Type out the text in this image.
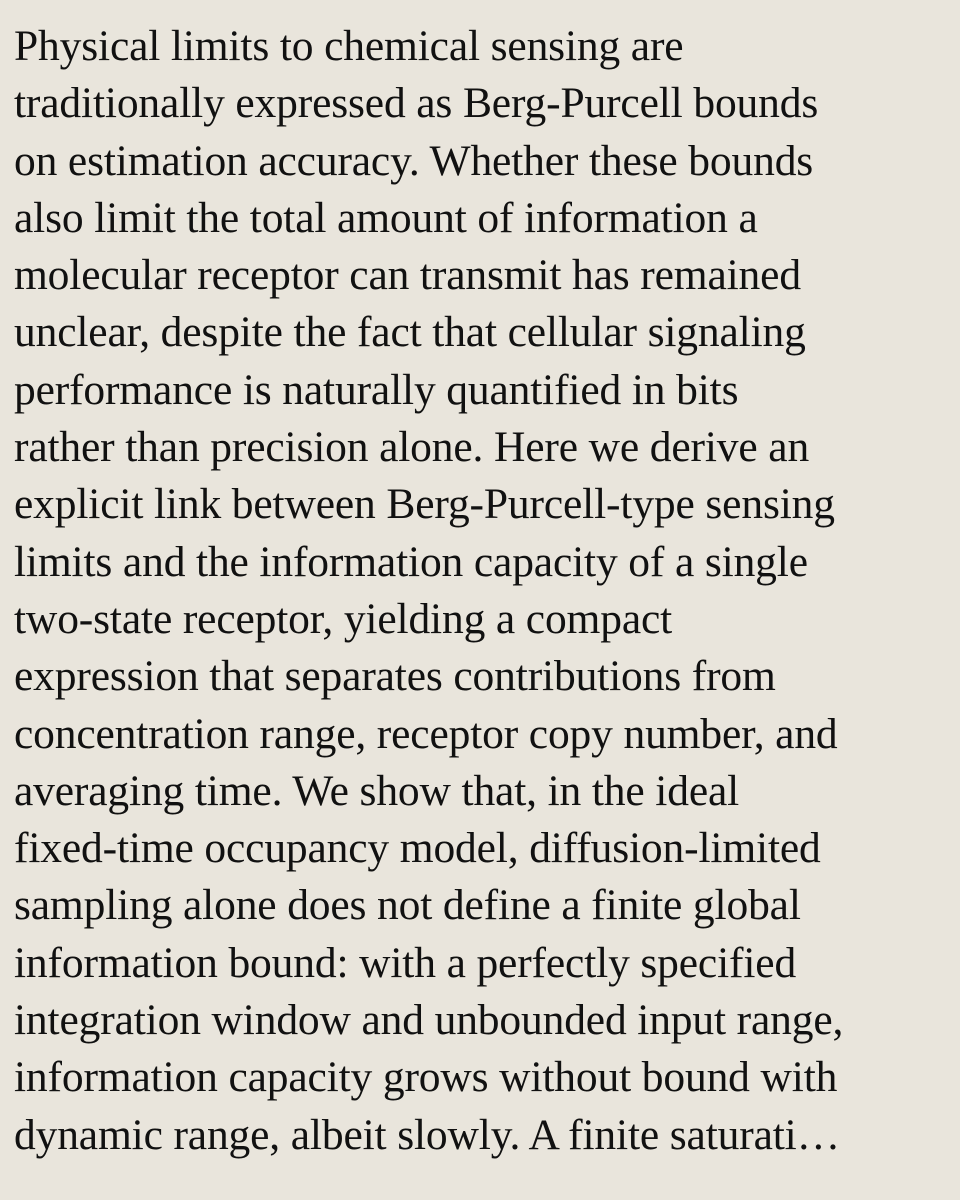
Physical limits to chemical sensing are
traditionally expressed as Berg-Purcell bounds
on estimation accuracy. Whether these bounds
also limit the total amount of information a
molecular receptor can transmit has remained
unclear, despite the fact that cellular signaling
performance is naturally quantified in bits
rather than precision alone. Here we derive an
explicit link between Berg-Purcell-type sensing
limits and the information capacity of a single
two-state receptor, yielding a compact
expression that separates contributions from
concentration range, receptor copy number, and
averaging time. We show that, in the ideal
fixed-time occupancy model, diffusion-limited
sampling alone does not define a finite global
information bound: with a perfectly specified
integration window and unbounded input range,
information capacity grows without bound with
dynamic range, albeit slowly. A finite saturati…
